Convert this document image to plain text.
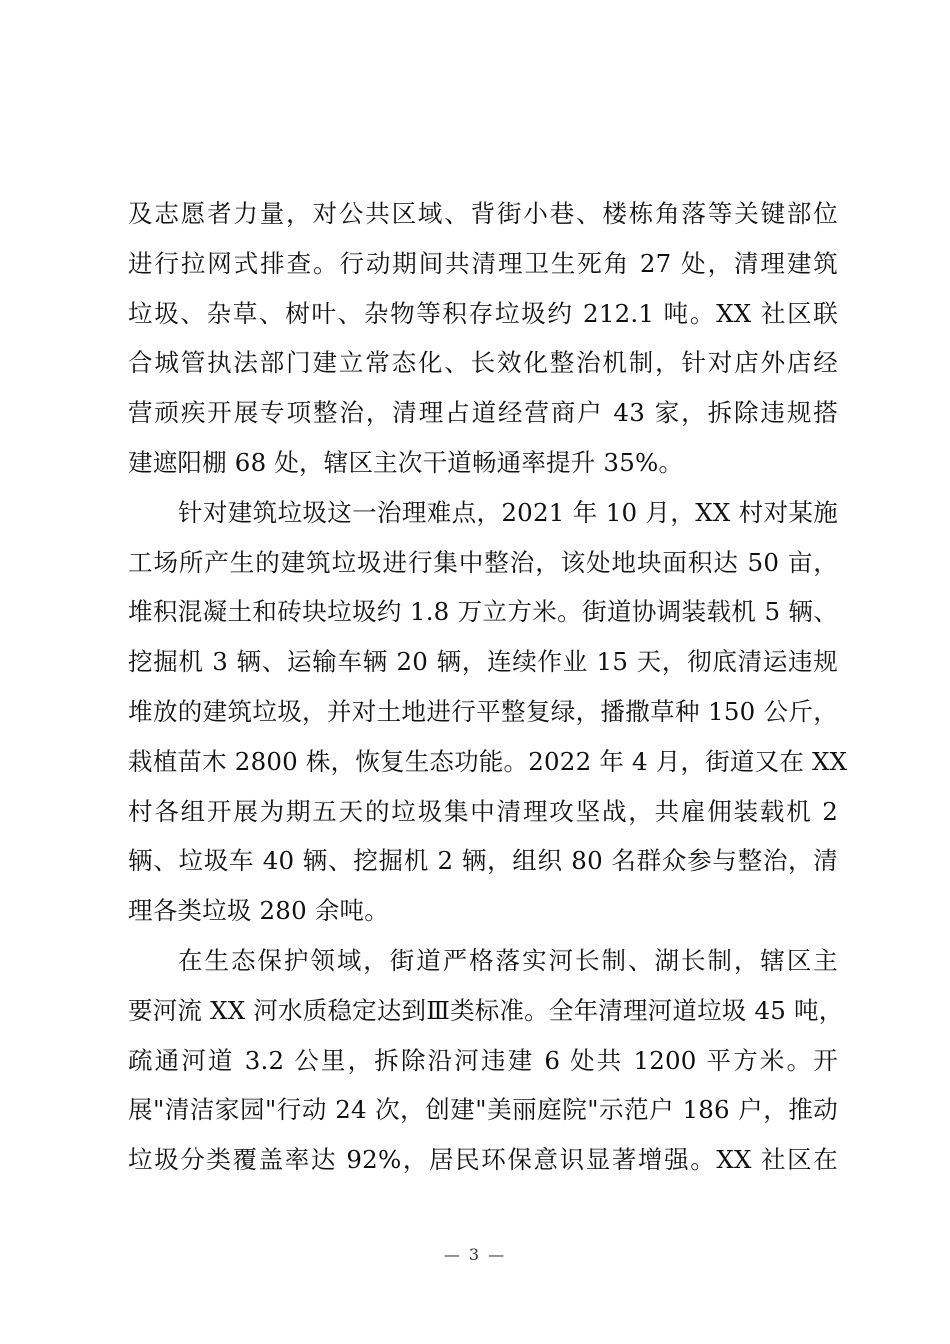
及志愿者力量，对公共区域、背街小巷、楼栋角落等关键部位
进行拉网式排查。行动期间共清理卫生死角 27 处，清理建筑
垃圾、杂草、树叶、杂物等积存垃圾约 212.1 吨。XX 社区联
合城管执法部门建立常态化、长效化整治机制，针对店外店经
营顽疾开展专项整治，清理占道经营商户 43 家，拆除违规搭
建遮阳棚 68 处，辖区主次干道畅通率提升 35%。
针对建筑垃圾这一治理难点，2021 年 10 月，XX 村对某施
工场所产生的建筑垃圾进行集中整治，该处地块面积达 50 亩，
堆积混凝土和砖块垃圾约 1.8 万立方米。街道协调装载机 5 辆、
挖掘机 3 辆、运输车辆 20 辆，连续作业 15 天，彻底清运违规
堆放的建筑垃圾，并对土地进行平整复绿，播撒草种 150 公斤，
栽植苗木 2800 株，恢复生态功能。2022 年 4 月，街道又在 XX
村各组开展为期五天的垃圾集中清理攻坚战，共雇佣装载机 2
辆、垃圾车 40 辆、挖掘机 2 辆，组织 80 名群众参与整治，清
理各类垃圾 280 余吨。
在生态保护领域，街道严格落实河长制、湖长制，辖区主
要河流 XX 河水质稳定达到Ⅲ类标准。全年清理河道垃圾 45 吨，
疏通河道 3.2 公里，拆除沿河违建 6 处共 1200 平方米。开
展"清洁家园"行动 24 次，创建"美丽庭院"示范户 186 户，推动
垃圾分类覆盖率达 92%，居民环保意识显著增强。XX 社区在
— 3 —
